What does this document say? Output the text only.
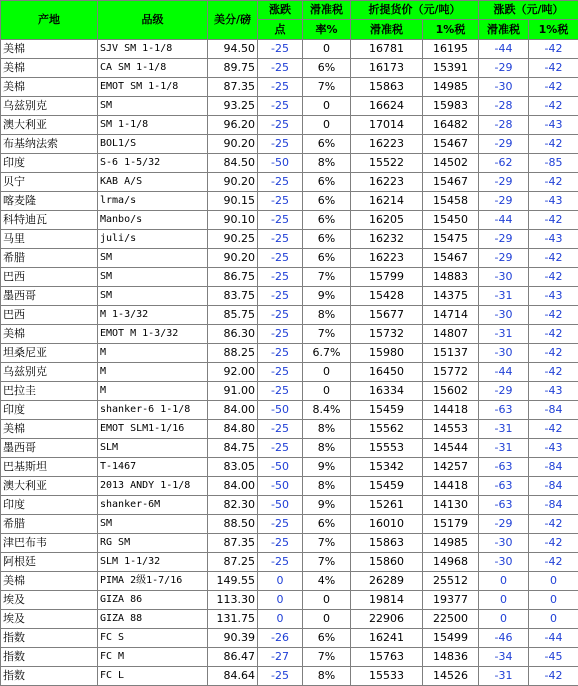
产地	品级	美分/磅	涨跌	滑准税	折提货价（元/吨）		涨跌（元/吨）	
			点	率%	滑准税	1%税	滑准税	1%税
美棉	SJV SM 1-1/8	94.50	-25	0	16781	16195	-44	-42
美棉	CA SM 1-1/8	89.75	-25	6%	16173	15391	-29	-42
美棉	EMOT SM 1-1/8	87.35	-25	7%	15863	14985	-30	-42
乌兹别克	SM	93.25	-25	0	16624	15983	-28	-42
澳大利亚	SM 1-1/8	96.20	-25	0	17014	16482	-28	-43
布基纳法索	BOL1/S	90.20	-25	6%	16223	15467	-29	-42
印度	S-6 1-5/32	84.50	-50	8%	15522	14502	-62	-85
贝宁	KAB A/S	90.20	-25	6%	16223	15467	-29	-42
喀麦隆	lrma/s	90.15	-25	6%	16214	15458	-29	-43
科特迪瓦	Manbo/s	90.10	-25	6%	16205	15450	-44	-42
马里	juli/s	90.25	-25	6%	16232	15475	-29	-43
希腊	SM	90.20	-25	6%	16223	15467	-29	-42
巴西	SM	86.75	-25	7%	15799	14883	-30	-42
墨西哥	SM	83.75	-25	9%	15428	14375	-31	-43
巴西	M 1-3/32	85.75	-25	8%	15677	14714	-30	-42
美棉	EMOT M 1-3/32	86.30	-25	7%	15732	14807	-31	-42
坦桑尼亚	M	88.25	-25	6.7%	15980	15137	-30	-42
乌兹别克	M	92.00	-25	0	16450	15772	-44	-42
巴拉圭	M	91.00	-25	0	16334	15602	-29	-43
印度	shanker-6 1-1/8	84.00	-50	8.4%	15459	14418	-63	-84
美棉	EMOT SLM1-1/16	84.80	-25	8%	15562	14553	-31	-42
墨西哥	SLM	84.75	-25	8%	15553	14544	-31	-43
巴基斯坦	T-1467	83.05	-50	9%	15342	14257	-63	-84
澳大利亚	2013 ANDY 1-1/8	84.00	-50	8%	15459	14418	-63	-84
印度	shanker-6M	82.30	-50	9%	15261	14130	-63	-84
希腊	SM	88.50	-25	6%	16010	15179	-29	-42
津巴布韦	RG SM	87.35	-25	7%	15863	14985	-30	-42
阿根廷	SLM 1-1/32	87.25	-25	7%	15860	14968	-30	-42
美棉	PIMA 2级1-7/16	149.55	0	4%	26289	25512	0	0
埃及	GIZA 86	113.30	0	0	19814	19377	0	0
埃及	GIZA 88	131.75	0	0	22906	22500	0	0
指数	FC S	90.39	-26	6%	16241	15499	-46	-44
指数	FC M	86.47	-27	7%	15763	14836	-34	-45
指数	FC L	84.64	-25	8%	15533	14526	-31	-42
